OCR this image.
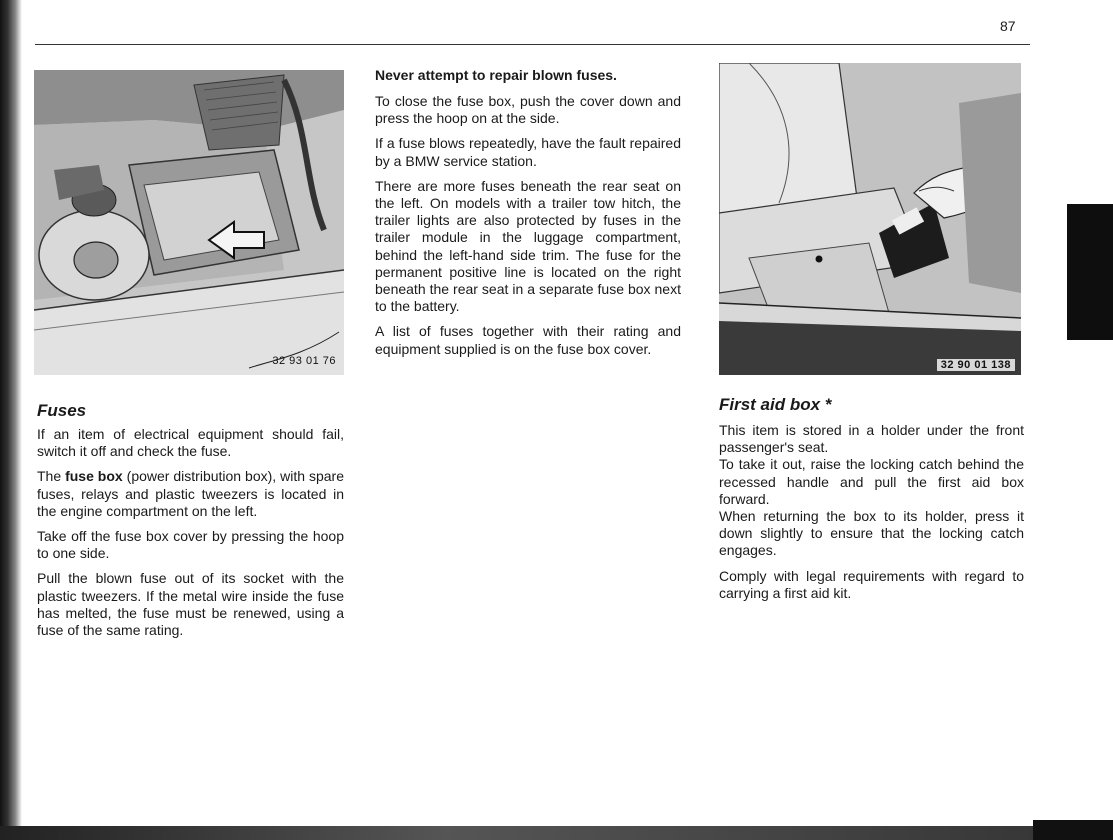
87
32 93 01 76	32 90 01 138
Fuses

If an item of electrical equipment should fail, switch it off and check the fuse.

The fuse box (power distribution box), with spare fuses, relays and plastic tweezers is located in the engine compartment on the left.

Take off the fuse box cover by pressing the hoop to one side.

Pull the blown fuse out of its socket with the plastic tweezers. If the metal wire inside the fuse has melted, the fuse must be renewed, using a fuse of the same rating.

Never attempt to repair blown fuses.

To close the fuse box, push the cover down and press the hoop on at the side.

If a fuse blows repeatedly, have the fault repaired by a BMW service station.

There are more fuses beneath the rear seat on the left. On models with a trailer tow hitch, the trailer lights are also protected by fuses in the trailer module in the luggage compartment, behind the left-hand side trim. The fuse for the permanent positive line is located on the right beneath the rear seat in a separate fuse box next to the battery.

A list of fuses together with their rating and equipment supplied is on the fuse box cover.

First aid box *

This item is stored in a holder under the front passenger's seat.

To take it out, raise the locking catch behind the recessed handle and pull the first aid box forward.

When returning the box to its holder, press it down slightly to ensure that the locking catch engages.

Comply with legal requirements with regard to carrying a first aid kit.
